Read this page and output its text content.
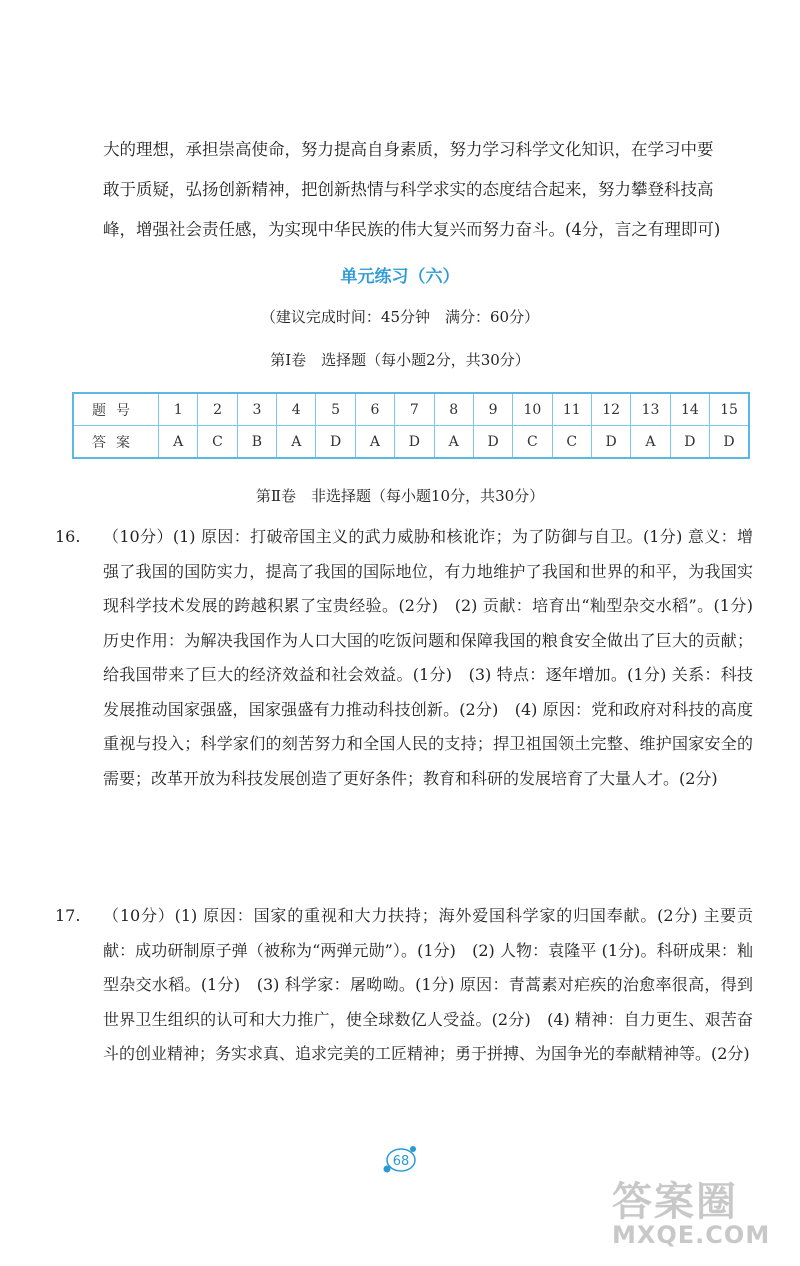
大的理想，承担崇高使命，努力提高自身素质，努力学习科学文化知识，在学习中要

敢于质疑，弘扬创新精神，把创新热情与科学求实的态度结合起来，努力攀登科技高

峰，增强社会责任感，为实现中华民族的伟大复兴而努力奋斗。(4分，言之有理即可)

单元练习（六）
（建议完成时间：45分钟　满分：60分）
第Ⅰ卷　选择题（每小题2分，共30分）
题号	1	2	3	4	5	6	7	8	9	10	11	12	13	14	15
答案	A	C	B	A	D	A	D	A	D	C	C	D	A	D	D
第Ⅱ卷　非选择题（每小题10分，共30分）
16. （10分）(1) 原因：打破帝国主义的武力威胁和核讹诈；为了防御与自卫。(1分) 意义：增强了我国的国防实力，提高了我国的国际地位，有力地维护了我国和世界的和平，为我国实现科学技术发展的跨越积累了宝贵经验。(2分)　(2) 贡献：培育出“籼型杂交水稻”。(1分) 历史作用：为解决我国作为人口大国的吃饭问题和保障我国的粮食安全做出了巨大的贡献；给我国带来了巨大的经济效益和社会效益。(1分)　(3) 特点：逐年增加。(1分) 关系：科技发展推动国家强盛，国家强盛有力推动科技创新。(2分)　(4) 原因：党和政府对科技的高度重视与投入；科学家们的刻苦努力和全国人民的支持；捍卫祖国领土完整、维护国家安全的需要；改革开放为科技发展创造了更好条件；教育和科研的发展培育了大量人才。(2分)

17. （10分）(1) 原因：国家的重视和大力扶持；海外爱国科学家的归国奉献。(2分) 主要贡献：成功研制原子弹（被称为“两弹元勋”）。(1分)　(2) 人物：袁隆平 (1分)。科研成果：籼型杂交水稻。(1分)　(3) 科学家：屠呦呦。(1分) 原因：青蒿素对疟疾的治愈率很高，得到世界卫生组织的认可和大力推广，使全球数亿人受益。(2分)　(4) 精神：自力更生、艰苦奋斗的创业精神；务实求真、追求完美的工匠精神；勇于拼搏、为国争光的奉献精神等。(2分)

68
答案圈
MXQE.COM
